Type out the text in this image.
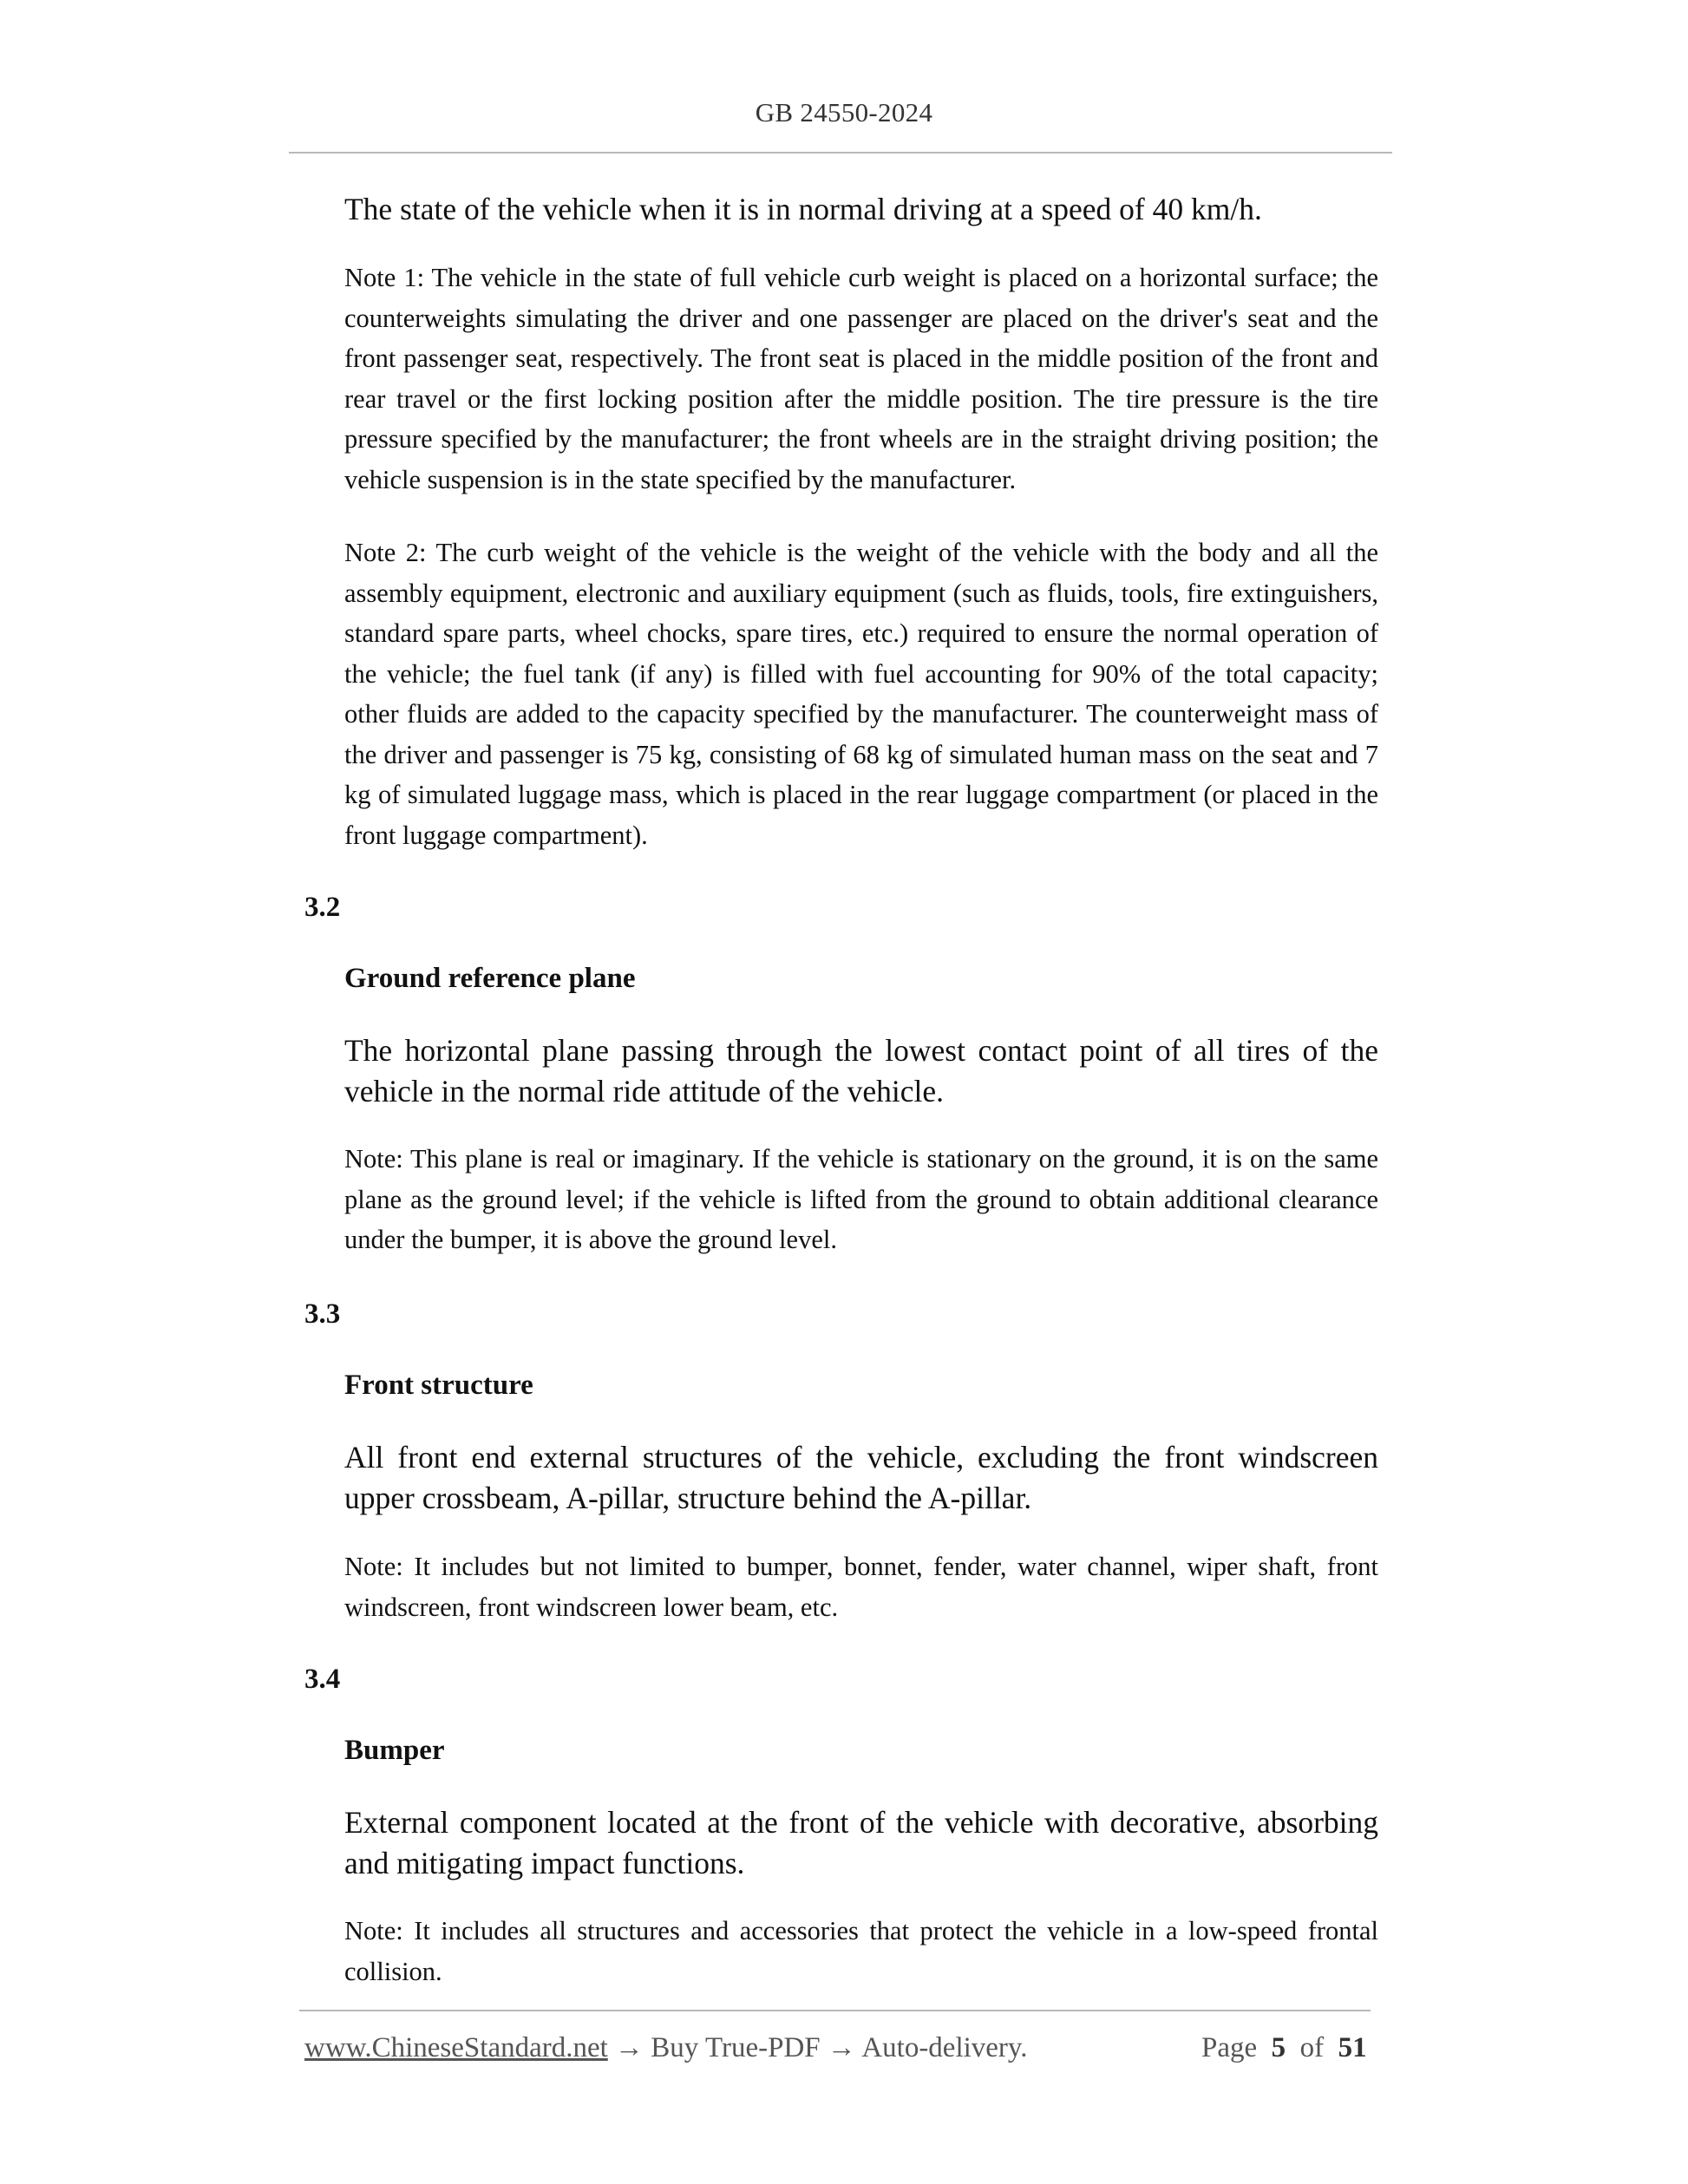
GB 24550-2024

The state of the vehicle when it is in normal driving at a speed of 40 km/h.

Note 1: The vehicle in the state of full vehicle curb weight is placed on a horizontal surface; the counterweights simulating the driver and one passenger are placed on the driver's seat and the front passenger seat, respectively. The front seat is placed in the middle position of the front and rear travel or the first locking position after the middle position. The tire pressure is the tire pressure specified by the manufacturer; the front wheels are in the straight driving position; the vehicle suspension is in the state specified by the manufacturer.

Note 2: The curb weight of the vehicle is the weight of the vehicle with the body and all the assembly equipment, electronic and auxiliary equipment (such as fluids, tools, fire extinguishers, standard spare parts, wheel chocks, spare tires, etc.) required to ensure the normal operation of the vehicle; the fuel tank (if any) is filled with fuel accounting for 90% of the total capacity; other fluids are added to the capacity specified by the manufacturer. The counterweight mass of the driver and passenger is 75 kg, consisting of 68 kg of simulated human mass on the seat and 7 kg of simulated luggage mass, which is placed in the rear luggage compartment (or placed in the front luggage compartment).

3.2

Ground reference plane

The horizontal plane passing through the lowest contact point of all tires of the vehicle in the normal ride attitude of the vehicle.

Note: This plane is real or imaginary. If the vehicle is stationary on the ground, it is on the same plane as the ground level; if the vehicle is lifted from the ground to obtain additional clearance under the bumper, it is above the ground level.

3.3

Front structure

All front end external structures of the vehicle, excluding the front windscreen upper crossbeam, A-pillar, structure behind the A-pillar.

Note: It includes but not limited to bumper, bonnet, fender, water channel, wiper shaft, front windscreen, front windscreen lower beam, etc.

3.4

Bumper

External component located at the front of the vehicle with decorative, absorbing and mitigating impact functions.

Note: It includes all structures and accessories that protect the vehicle in a low-speed frontal collision.

www.ChineseStandard.net → Buy True-PDF → Auto-delivery.	Page 5 of 51
